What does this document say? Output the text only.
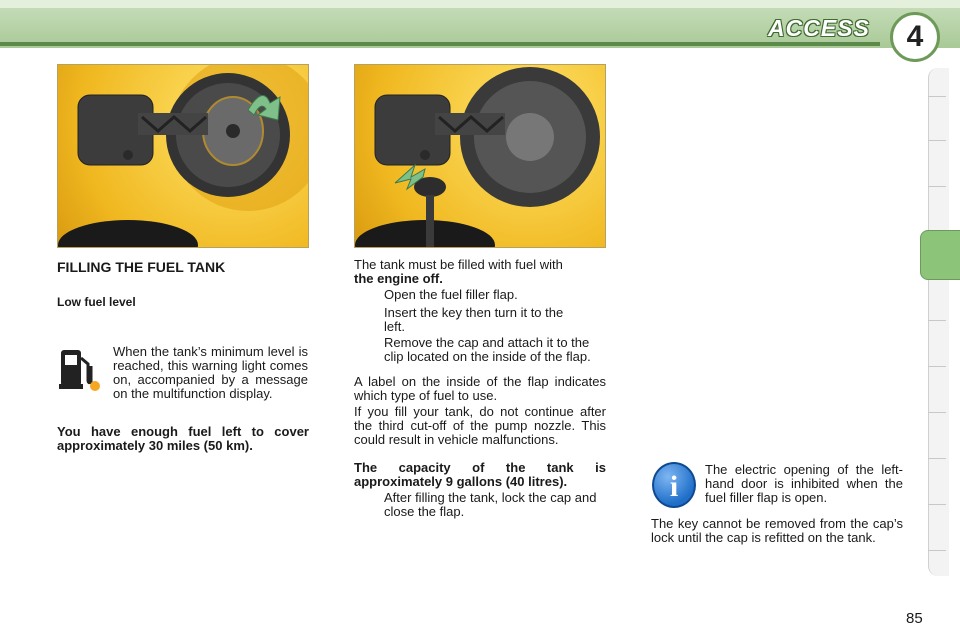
ACCESS	4
FILLING THE FUEL TANK
Low fuel level
When the tank’s minimum level is reached, this warning light comes on, accompanied by a message on the multifunction display.
You have enough fuel left to cover approximately 30 miles (50 km).
The tank must be filled with fuel with
the engine off.
Open the fuel filler flap.
Insert the key then turn it to the left.
Remove the cap and attach it to the clip located on the inside of the flap.
A label on the inside of the flap indicates which type of fuel to use.
If you fill your tank, do not continue after the third cut-off of the pump nozzle. This could result in vehicle malfunctions.
The capacity of the tank is approximately 9 gallons (40 litres).
After filling the tank, lock the cap and close the flap.
i
The electric opening of the left-hand door is inhibited when the fuel filler flap is open.
The key cannot be removed from the cap’s lock until the cap is refitted on the tank.
85
